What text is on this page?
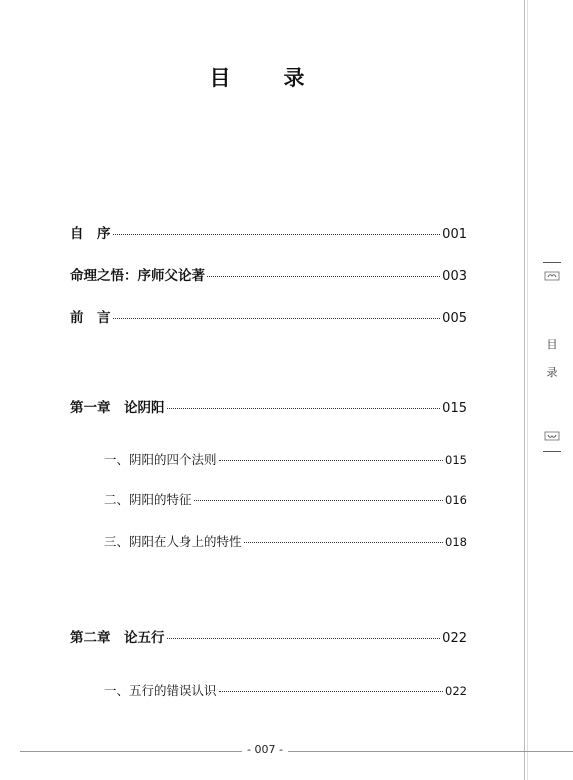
目　录
自　序	001
命理之悟：序师父论著	003
前　言	005
第一章　论阴阳	015
一、阴阳的四个法则	015
二、阴阳的特征	016
三、阴阳在人身上的特性	018
第二章　论五行	022
一、五行的错误认识	022
目
录
- 007 -
